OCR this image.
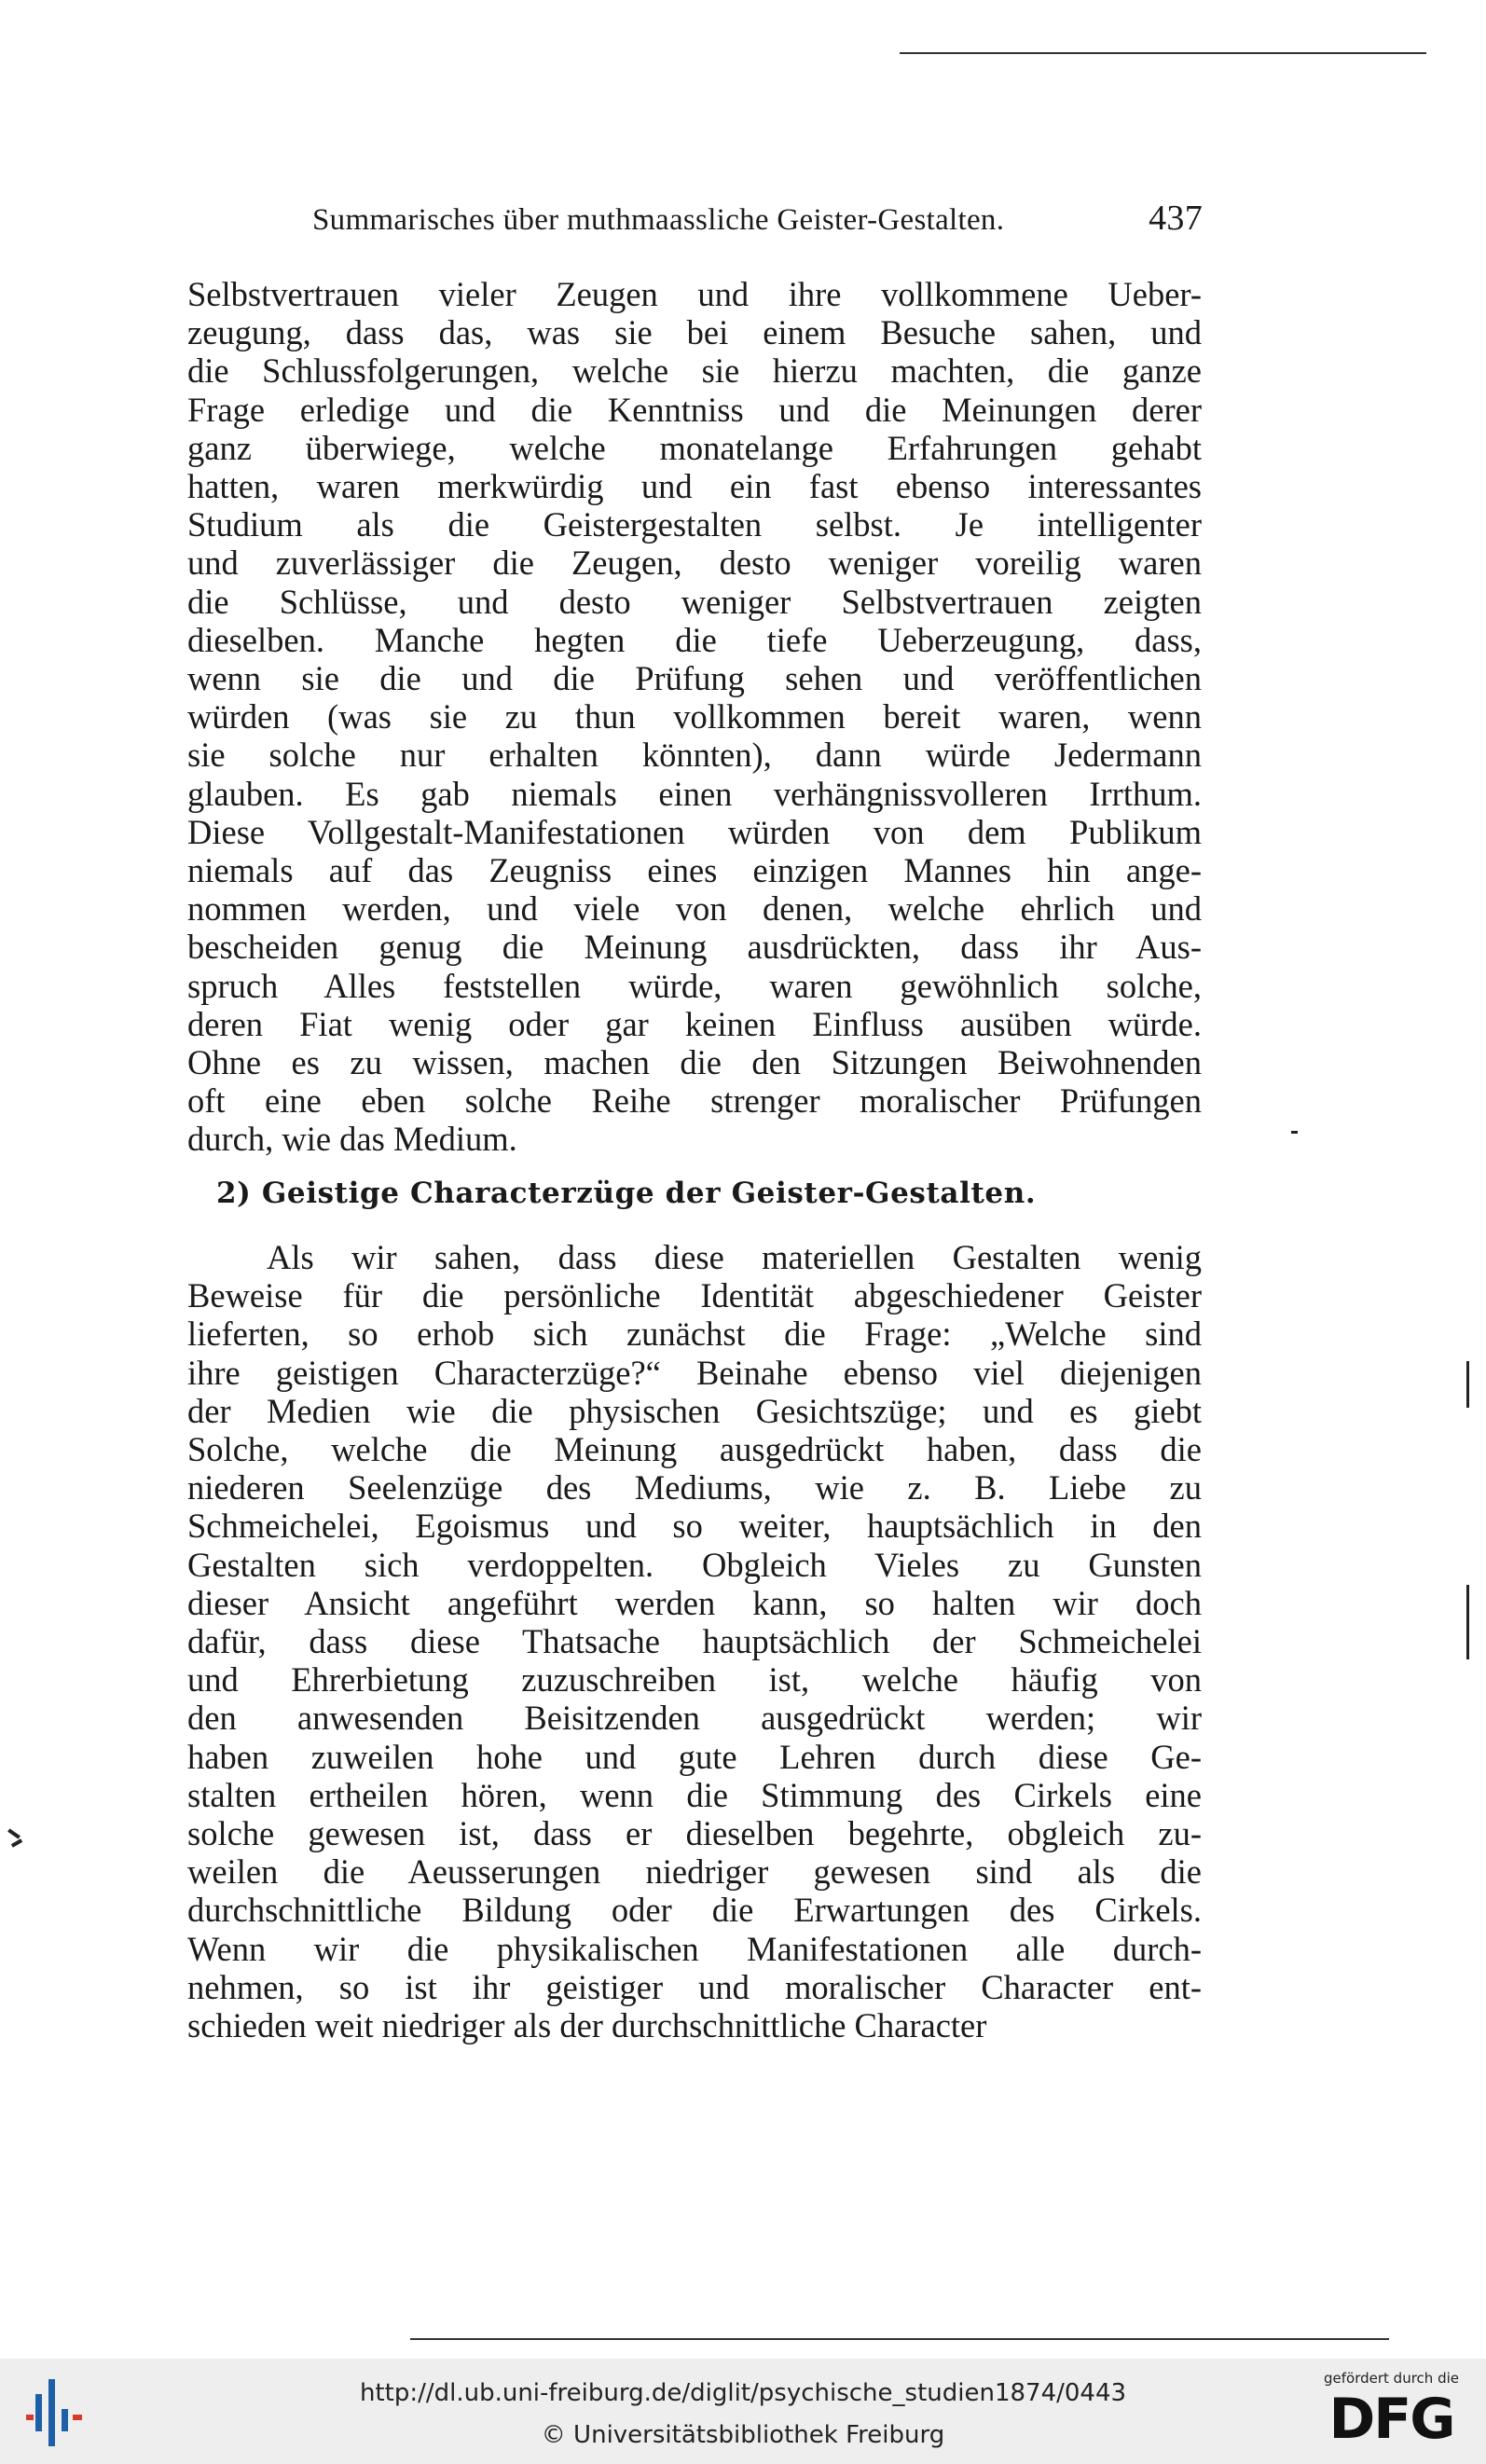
Summarisches über muthmaassliche Geister-Gestalten.	437

Selbstvertrauen vieler Zeugen und ihre vollkommene Ueber-
zeugung, dass das, was sie bei einem Besuche sahen, und
die Schlussfolgerungen, welche sie hierzu machten, die ganze
Frage erledige und die Kenntniss und die Meinungen derer
ganz überwiege, welche monatelange Erfahrungen gehabt
hatten, waren merkwürdig und ein fast ebenso interessantes
Studium als die Geistergestalten selbst. Je intelligenter
und zuverlässiger die Zeugen, desto weniger voreilig waren
die Schlüsse, und desto weniger Selbstvertrauen zeigten
dieselben. Manche hegten die tiefe Ueberzeugung, dass,
wenn sie die und die Prüfung sehen und veröffentlichen
würden (was sie zu thun vollkommen bereit waren, wenn
sie solche nur erhalten könnten), dann würde Jedermann
glauben. Es gab niemals einen verhängnissvolleren Irrthum.
Diese Vollgestalt-Manifestationen würden von dem Publikum
niemals auf das Zeugniss eines einzigen Mannes hin ange-
nommen werden, und viele von denen, welche ehrlich und
bescheiden genug die Meinung ausdrückten, dass ihr Aus-
spruch Alles feststellen würde, waren gewöhnlich solche,
deren Fiat wenig oder gar keinen Einfluss ausüben würde.
Ohne es zu wissen, machen die den Sitzungen Beiwohnenden
oft eine eben solche Reihe strenger moralischer Prüfungen
durch, wie das Medium.

2) Geistige Characterzüge der Geister-Gestalten.

Als wir sahen, dass diese materiellen Gestalten wenig
Beweise für die persönliche Identität abgeschiedener Geister
lieferten, so erhob sich zunächst die Frage: „Welche sind
ihre geistigen Characterzüge?“ Beinahe ebenso viel diejenigen
der Medien wie die physischen Gesichtszüge; und es giebt
Solche, welche die Meinung ausgedrückt haben, dass die
niederen Seelenzüge des Mediums, wie z. B. Liebe zu
Schmeichelei, Egoismus und so weiter, hauptsächlich in den
Gestalten sich verdoppelten. Obgleich Vieles zu Gunsten
dieser Ansicht angeführt werden kann, so halten wir doch
dafür, dass diese Thatsache hauptsächlich der Schmeichelei
und Ehrerbietung zuzuschreiben ist, welche häufig von
den anwesenden Beisitzenden ausgedrückt werden; wir
haben zuweilen hohe und gute Lehren durch diese Ge-
stalten ertheilen hören, wenn die Stimmung des Cirkels eine
solche gewesen ist, dass er dieselben begehrte, obgleich zu-
weilen die Aeusserungen niedriger gewesen sind als die
durchschnittliche Bildung oder die Erwartungen des Cirkels.
Wenn wir die physikalischen Manifestationen alle durch-
nehmen, so ist ihr geistiger und moralischer Character ent-
schieden weit niedriger als der durchschnittliche Character

http://dl.ub.uni-freiburg.de/diglit/psychische_studien1874/0443
© Universitätsbibliothek Freiburg
gefördert durch die
DFG
